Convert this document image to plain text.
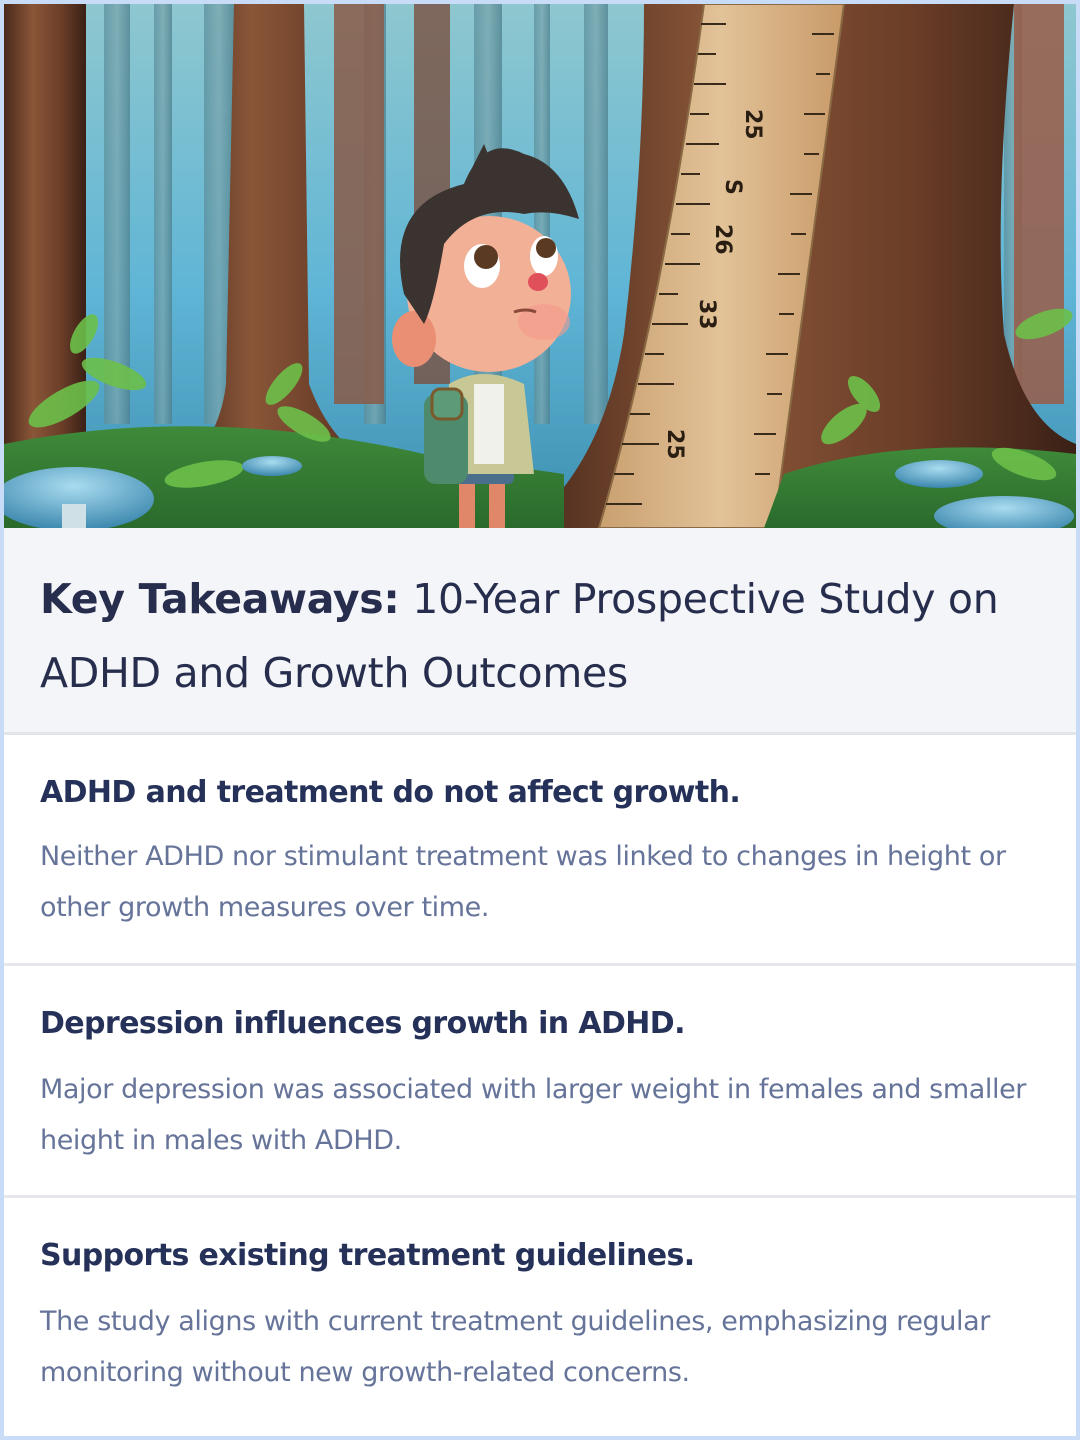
25
S
26
33
25
Key Takeaways: 10-Year Prospective Study on ADHD and Growth Outcomes
ADHD and treatment do not affect growth.

Neither ADHD nor stimulant treatment was linked to changes in height or other growth measures over time.

Depression influences growth in ADHD.

Major depression was associated with larger weight in females and smaller height in males with ADHD.

Supports existing treatment guidelines.

The study aligns with current treatment guidelines, emphasizing regular monitoring without new growth-related concerns.
